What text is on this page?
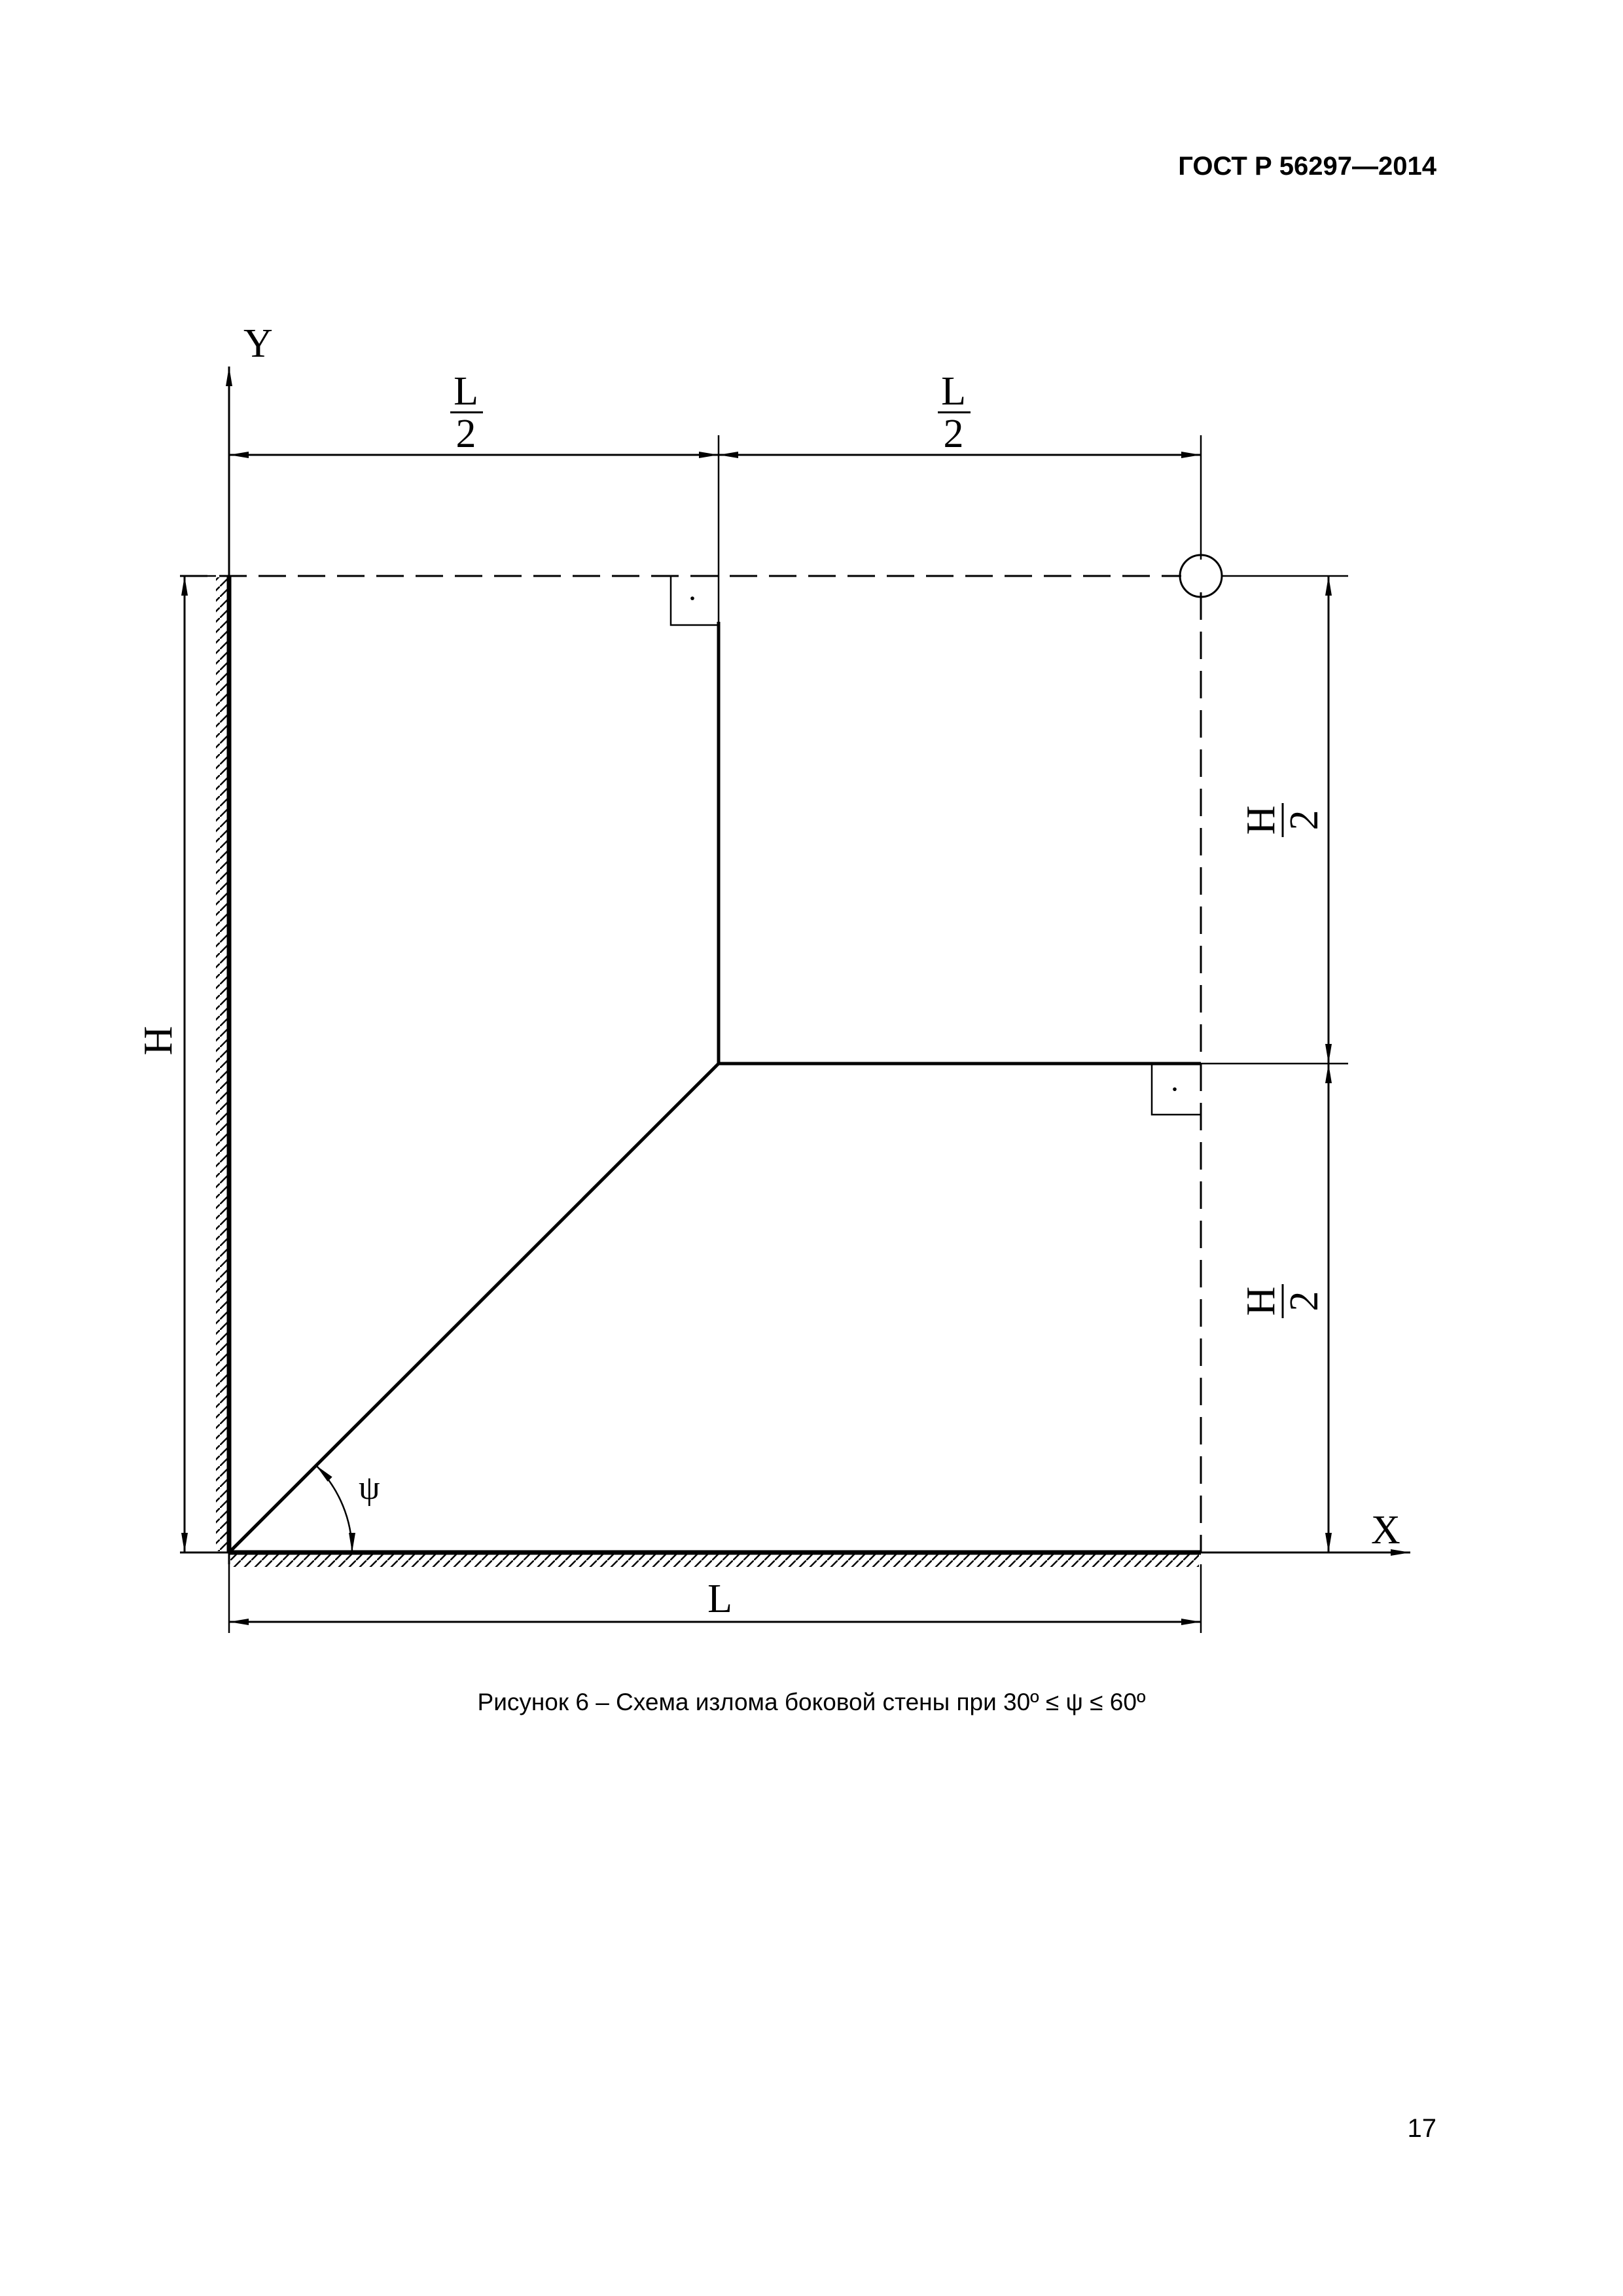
ГОСТ Р 56297—2014
·
·
Y
X
L
2
L
2
H
2
H
2
H
L
ψ
Рисунок 6 – Схема излома боковой стены при 30º ≤ ψ ≤ 60º
17
